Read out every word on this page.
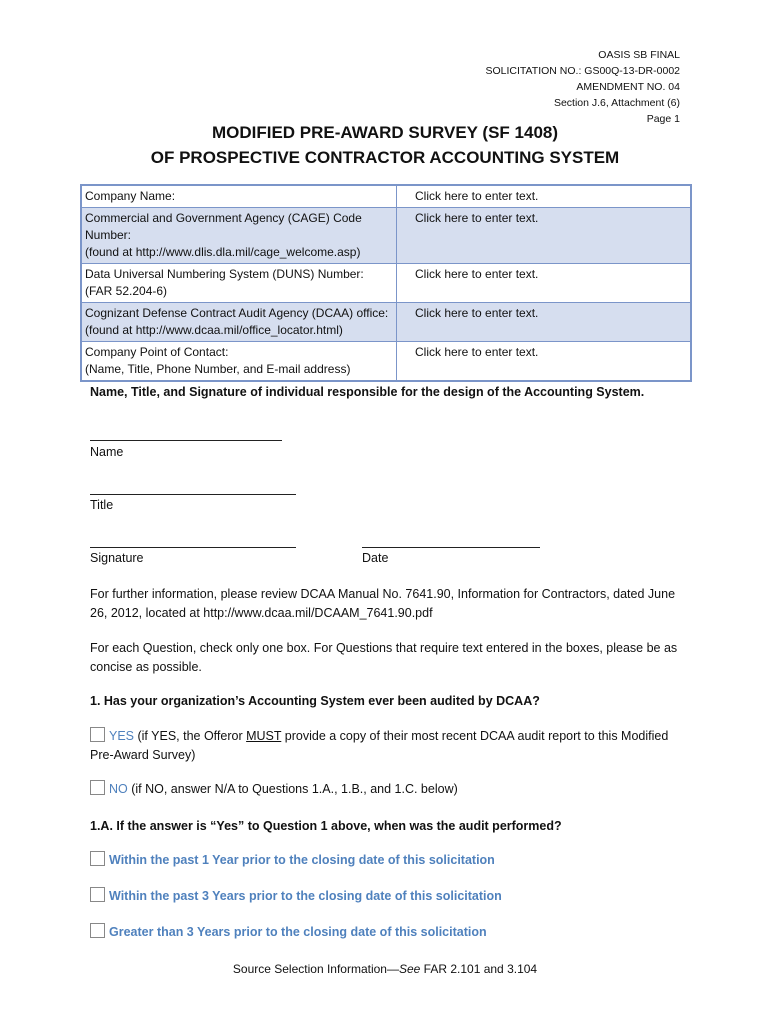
OASIS SB FINAL
SOLICITATION NO.: GS00Q-13-DR-0002
AMENDMENT NO. 04
Section J.6, Attachment (6)
Page 1
MODIFIED PRE-AWARD SURVEY (SF 1408)
OF PROSPECTIVE CONTRACTOR ACCOUNTING SYSTEM
Company Name:	Click here to enter text.

Commercial and Government Agency (CAGE) Code
Number:
(found at http://www.dlis.dla.mil/cage_welcome.asp)	Click here to enter text.

Data Universal Numbering System (DUNS) Number:
(FAR 52.204-6)	Click here to enter text.

Cognizant Defense Contract Audit Agency (DCAA) office:
(found at http://www.dcaa.mil/office_locator.html)	Click here to enter text.

Company Point of Contact:
(Name, Title, Phone Number, and E-mail address)	Click here to enter text.
Name, Title, and Signature of individual responsible for the design of the Accounting System.
Name
Title
Signature	Date
For further information, please review DCAA Manual No. 7641.90, Information for Contractors, dated June 26, 2012, located at http://www.dcaa.mil/DCAAM_7641.90.pdf
For each Question, check only one box. For Questions that require text entered in the boxes, please be as concise as possible.
1. Has your organization’s Accounting System ever been audited by DCAA?
YES (if YES, the Offeror MUST provide a copy of their most recent DCAA audit report to this Modified Pre-Award Survey)
NO (if NO, answer N/A to Questions 1.A., 1.B., and 1.C. below)
1.A. If the answer is “Yes” to Question 1 above, when was the audit performed?
Within the past 1 Year prior to the closing date of this solicitation
Within the past 3 Years prior to the closing date of this solicitation
Greater than 3 Years prior to the closing date of this solicitation
Source Selection Information—See FAR 2.101 and 3.104
